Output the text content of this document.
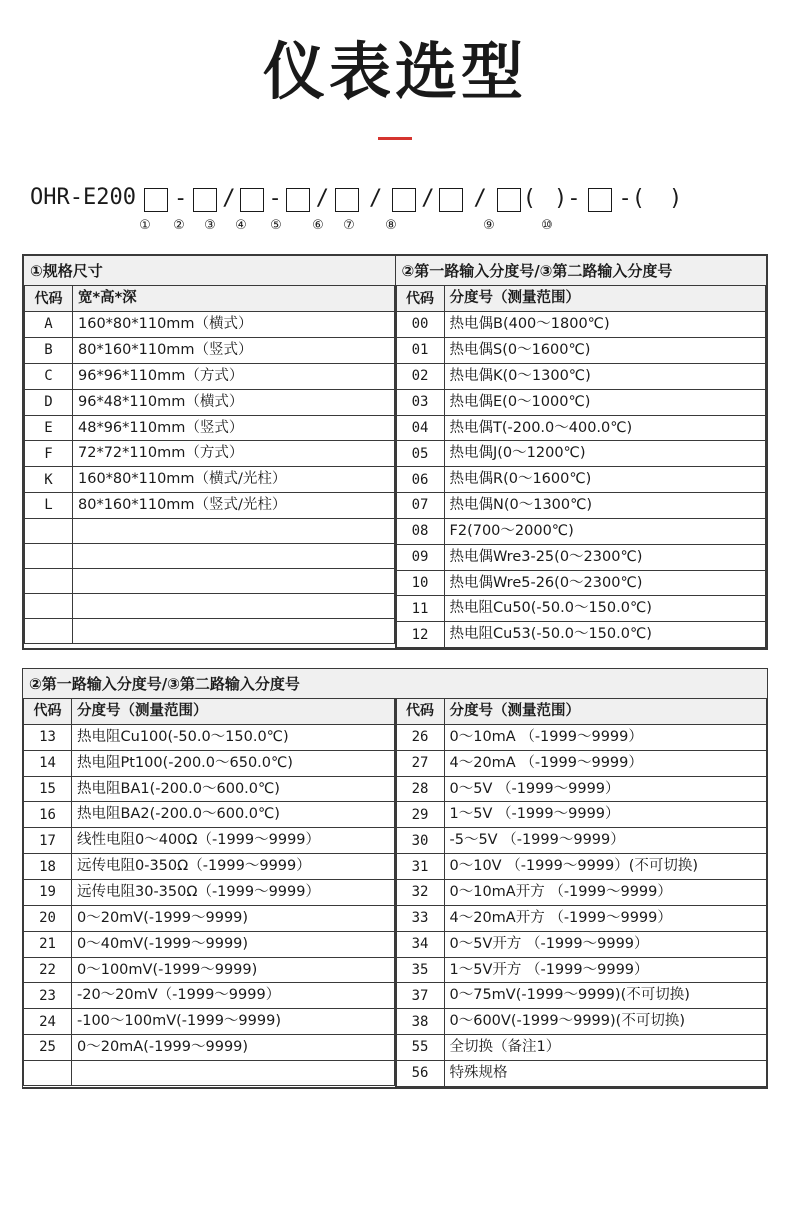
仪表选型
OHR-E200 - / - / / / / ( )- -( )
①	②	③	④	⑤	⑥	⑦	⑧	⑨	⑩
①规格尺寸
代码	宽*高*深
A	160*80*110mm（横式）
B	80*160*110mm（竖式）
C	96*96*110mm（方式）
D	96*48*110mm（横式）
E	48*96*110mm（竖式）
F	72*72*110mm（方式）
K	160*80*110mm（横式/光柱）
L	80*160*110mm（竖式/光柱）

②第一路输入分度号/③第二路输入分度号
代码	分度号（测量范围）
00	热电偶B(400～1800℃)
01	热电偶S(0～1600℃)
02	热电偶K(0～1300℃)
03	热电偶E(0～1000℃)
04	热电偶T(-200.0～400.0℃)
05	热电偶J(0～1200℃)
06	热电偶R(0～1600℃)
07	热电偶N(0～1300℃)
08	F2(700～2000℃)
09	热电偶Wre3-25(0～2300℃)
10	热电偶Wre5-26(0～2300℃)
11	热电阻Cu50(-50.0～150.0℃)
12	热电阻Cu53(-50.0～150.0℃)
②第一路输入分度号/③第二路输入分度号
代码	分度号（测量范围）
13	热电阻Cu100(-50.0～150.0℃)
14	热电阻Pt100(-200.0～650.0℃)
15	热电阻BA1(-200.0～600.0℃)
16	热电阻BA2(-200.0～600.0℃)
17	线性电阻0～400Ω（-1999～9999）
18	远传电阻0-350Ω（-1999～9999）
19	远传电阻30-350Ω（-1999～9999）
20	0～20mV(-1999～9999)
21	0～40mV(-1999～9999)
22	0～100mV(-1999～9999)
23	-20～20mV（-1999～9999）
24	-100～100mV(-1999～9999)
25	0～20mA(-1999～9999)

代码	分度号（测量范围）
26	0～10mA （-1999～9999）
27	4～20mA （-1999～9999）
28	0～5V （-1999～9999）
29	1～5V （-1999～9999）
30	-5～5V （-1999～9999）
31	0～10V （-1999～9999）(不可切换)
32	0～10mA开方 （-1999～9999）
33	4～20mA开方 （-1999～9999）
34	0～5V开方 （-1999～9999）
35	1～5V开方 （-1999～9999）
37	0～75mV(-1999～9999)(不可切换)
38	0～600V(-1999～9999)(不可切换)
55	全切换（备注1）
56	特殊规格
